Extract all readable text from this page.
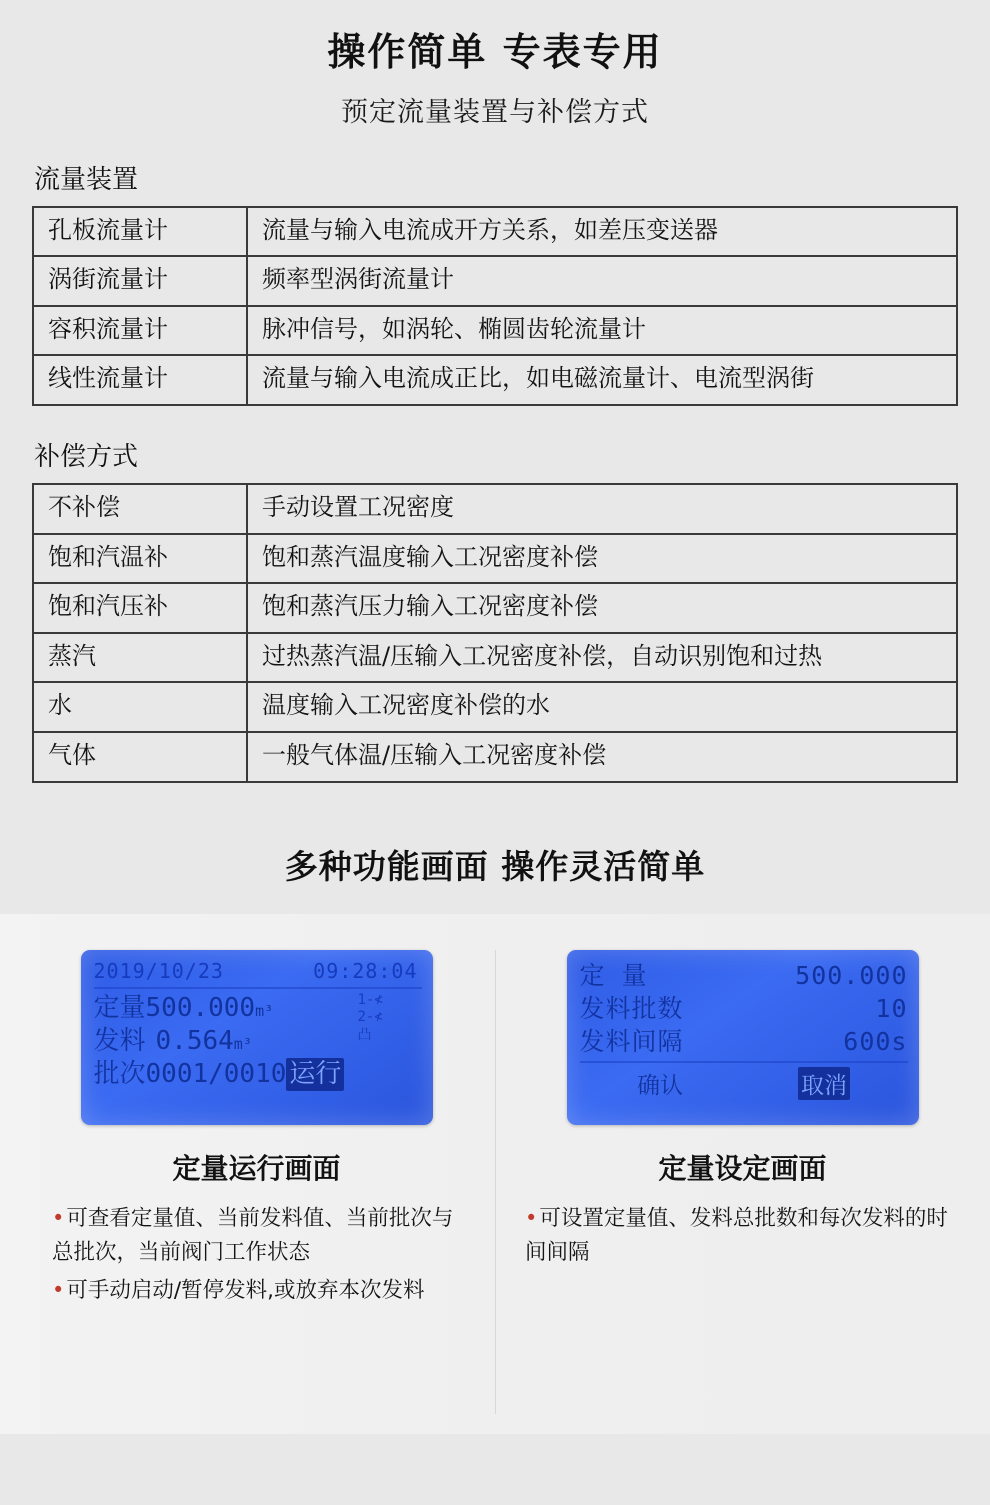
操作简单 专表专用
预定流量装置与补偿方式
流量装置
孔板流量计	流量与输入电流成开方关系，如差压变送器
涡街流量计	频率型涡街流量计
容积流量计	脉冲信号，如涡轮、椭圆齿轮流量计
线性流量计	流量与输入电流成正比，如电磁流量计、电流型涡街
补偿方式
不补偿	手动设置工况密度
饱和汽温补	饱和蒸汽温度输入工况密度补偿
饱和汽压补	饱和蒸汽压力输入工况密度补偿
蒸汽	过热蒸汽温/压输入工况密度补偿，自动识别饱和过热
水	温度输入工况密度补偿的水
气体	一般气体温/压输入工况密度补偿
多种功能画面 操作灵活简单
2019/10/23	09:28:04
定量 500.000 m³
发料 0.564 m³
批次 0001/0010 运行
1-≮
2-≮
凸
定量运行画面
•可查看定量值、当前发料值、当前批次与总批次，当前阀门工作状态
•可手动启动/暂停发料,或放弃本次发料
定 量	500.000
发料批数	10
发料间隔	600s
确认	取消
定量设定画面
•可设置定量值、发料总批数和每次发料的时间间隔
